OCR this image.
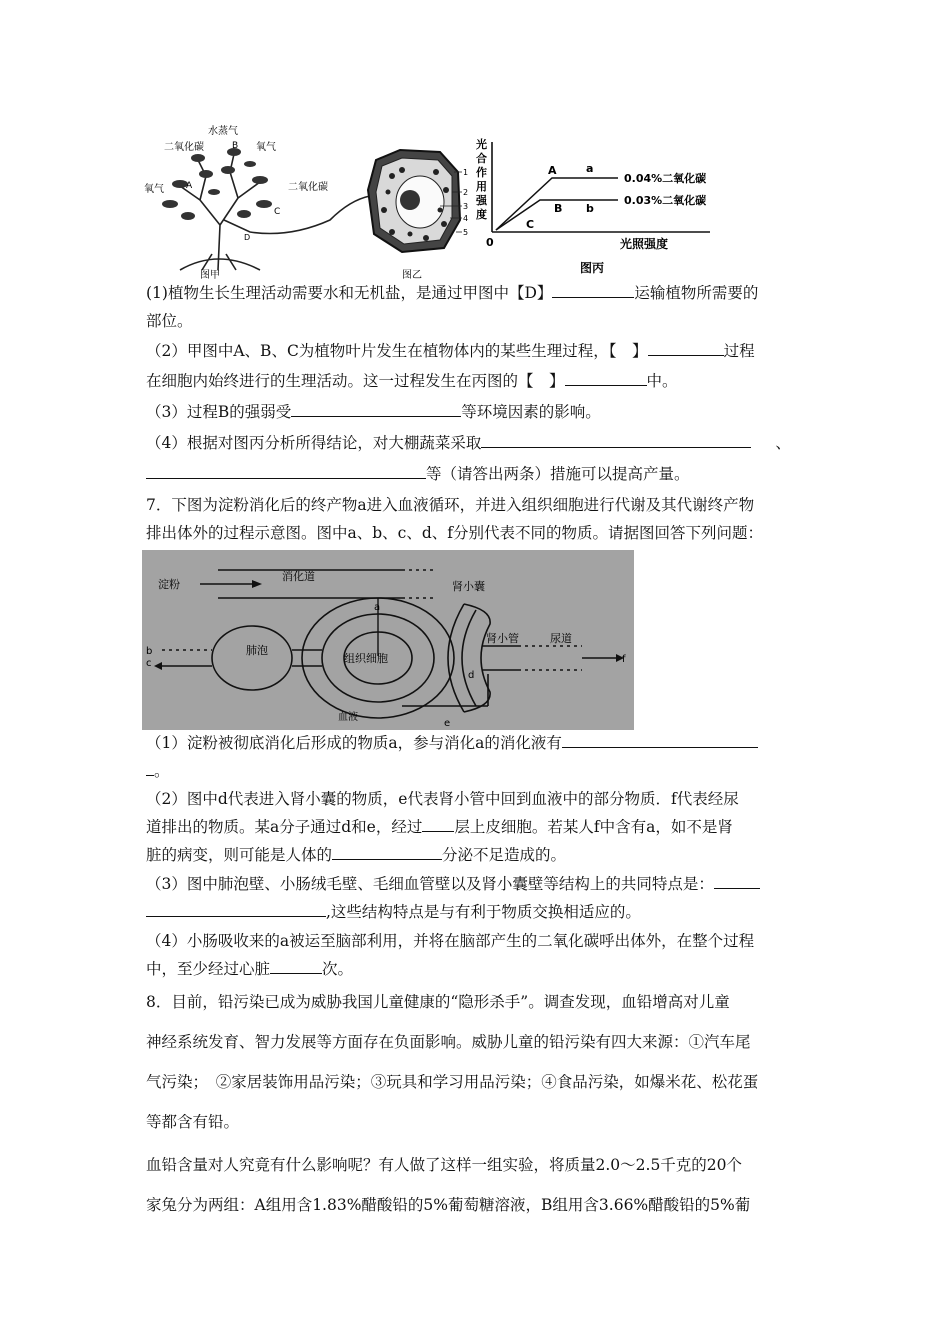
水蒸气
二氧化碳	B 氧气
氧气 A	二氧化碳
C
D
图甲
1
2
3
4
5
图乙
光
合
作
用
强
度
0	光照强度
A
B
C
a
b
0.04%二氧化碳
0.03%二氧化碳
图丙
(1)植物生长生理活动需要水和无机盐，是通过甲图中【D】	运输植物所需要的
部位。
（2）甲图中A、B、C为植物叶片发生在植物体内的某些生理过程，【　】	过程
在细胞内始终进行的生理活动。这一过程发生在丙图的【　】	中。
（3）过程B的强弱受	等环境因素的影响。
（4）根据对图丙分析所得结论，对大棚蔬菜采取	、
等（请答出两条）措施可以提高产量。
7．下图为淀粉消化后的终产物a进入血液循环，并进入组织细胞进行代谢及其代谢终产物
排出体外的过程示意图。图中a、b、c、d、f分别代表不同的物质。请据图回答下列问题：
淀粉
消化道
a
组织细胞
血液
肺泡
b
c
肾小囊
肾小管	尿道
d
e
f
（1）淀粉被彻底消化后形成的物质a，参与消化a的消化液有
。
（2）图中d代表进入肾小囊的物质，e代表肾小管中回到血液中的部分物质．f代表经尿
道排出的物质。某a分子通过d和e，经过 层上皮细胞。若某人f中含有a，如不是肾
脏的病变，则可能是人体的	分泌不足造成的。
（3）图中肺泡壁、小肠绒毛壁、毛细血管壁以及肾小囊壁等结构上的共同特点是：
,这些结构特点是与有利于物质交换相适应的。
（4）小肠吸收来的a被运至脑部利用，并将在脑部产生的二氧化碳呼出体外，在整个过程
中，至少经过心脏	次。
8．目前，铅污染已成为威胁我国儿童健康的“隐形杀手”。调查发现，血铅增高对儿童
神经系统发育、智力发展等方面存在负面影响。威胁儿童的铅污染有四大来源：①汽车尾
气污染；　②家居装饰用品污染；③玩具和学习用品污染；④食品污染，如爆米花、松花蛋
等都含有铅。
血铅含量对人究竟有什么影响呢？有人做了这样一组实验，将质量2.0～2.5千克的20个
家兔分为两组：A组用含1.83%醋酸铅的5%葡萄糖溶液，B组用含3.66%醋酸铅的5%葡
